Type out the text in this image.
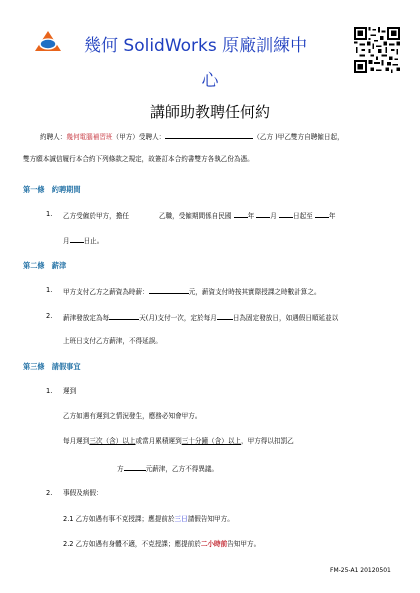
幾何 SolidWorks 原廠訓練中
心
講師助教聘任何約
約聘人：幾何電腦補習班（甲方）受聘人：	（乙方 )甲乙雙方自聘僱日起，
雙方願本誠信履行本合約下列條款之規定，故簽訂本合約書雙方各執乙份為憑。
第一條　約聘期間
1. 乙方受僱於甲方，擔任	乙職，受僱期間係自民國 年 月 日起至 年
月 日止。
第二條　薪津
1. 甲方支付乙方之薪資為時薪：	元，薪資支付時按其實際授課之時數計算之。
2. 薪津發放定為每	天(月)支付一次，定於每月 日為固定發放日，如遇假日順延並以
上班日支付乙方薪津，不得延誤。
第三條　請假事宜
1. 遲到
乙方如遇有遲到之情況發生，應務必知會甲方。
每月遲到三次（含）以上或當月累積遲到三十分鐘（含）以上，甲方得以扣罰乙
方	元薪津，乙方不得異議。
2. 事假及病假：
2.1 乙方如遇有事不克授課；應提前於三日請假告知甲方。
2.2 乙方如遇有身體不適，不克授課；應提前於二小時前告知甲方。
FM-25-A1 20120501
